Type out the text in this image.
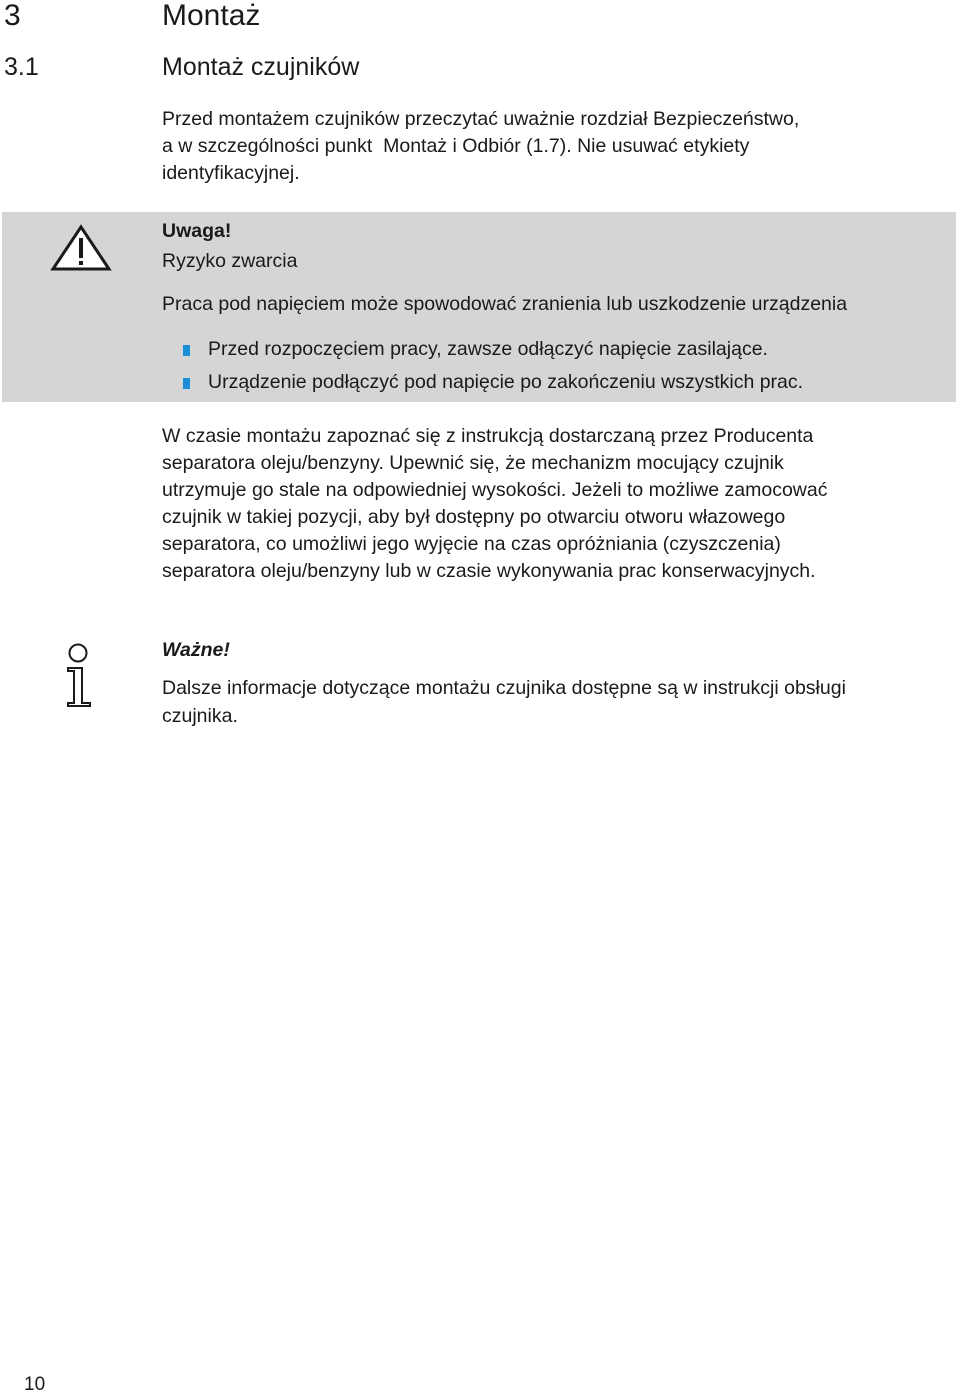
3	Montaż
3.1	Montaż czujników
Przed montażem czujników przeczytać uważnie rozdział Bezpieczeństwo,
a w szczególności punkt  Montaż i Odbiór (1.7). Nie usuwać etykiety
identyfikacyjnej.
Uwaga!
Ryzyko zwarcia
Praca pod napięciem może spowodować zranienia lub uszkodzenie urządzenia
Przed rozpoczęciem pracy, zawsze odłączyć napięcie zasilające.
Urządzenie podłączyć pod napięcie po zakończeniu wszystkich prac.
W czasie montażu zapoznać się z instrukcją dostarczaną przez Producenta
separatora oleju/benzyny. Upewnić się, że mechanizm mocujący czujnik
utrzymuje go stale na odpowiedniej wysokości. Jeżeli to możliwe zamocować
czujnik w takiej pozycji, aby był dostępny po otwarciu otworu włazowego
separatora, co umożliwi jego wyjęcie na czas opróżniania (czyszczenia)
separatora oleju/benzyny lub w czasie wykonywania prac konserwacyjnych.
Ważne!
Dalsze informacje dotyczące montażu czujnika dostępne są w instrukcji obsługi
czujnika.
10
